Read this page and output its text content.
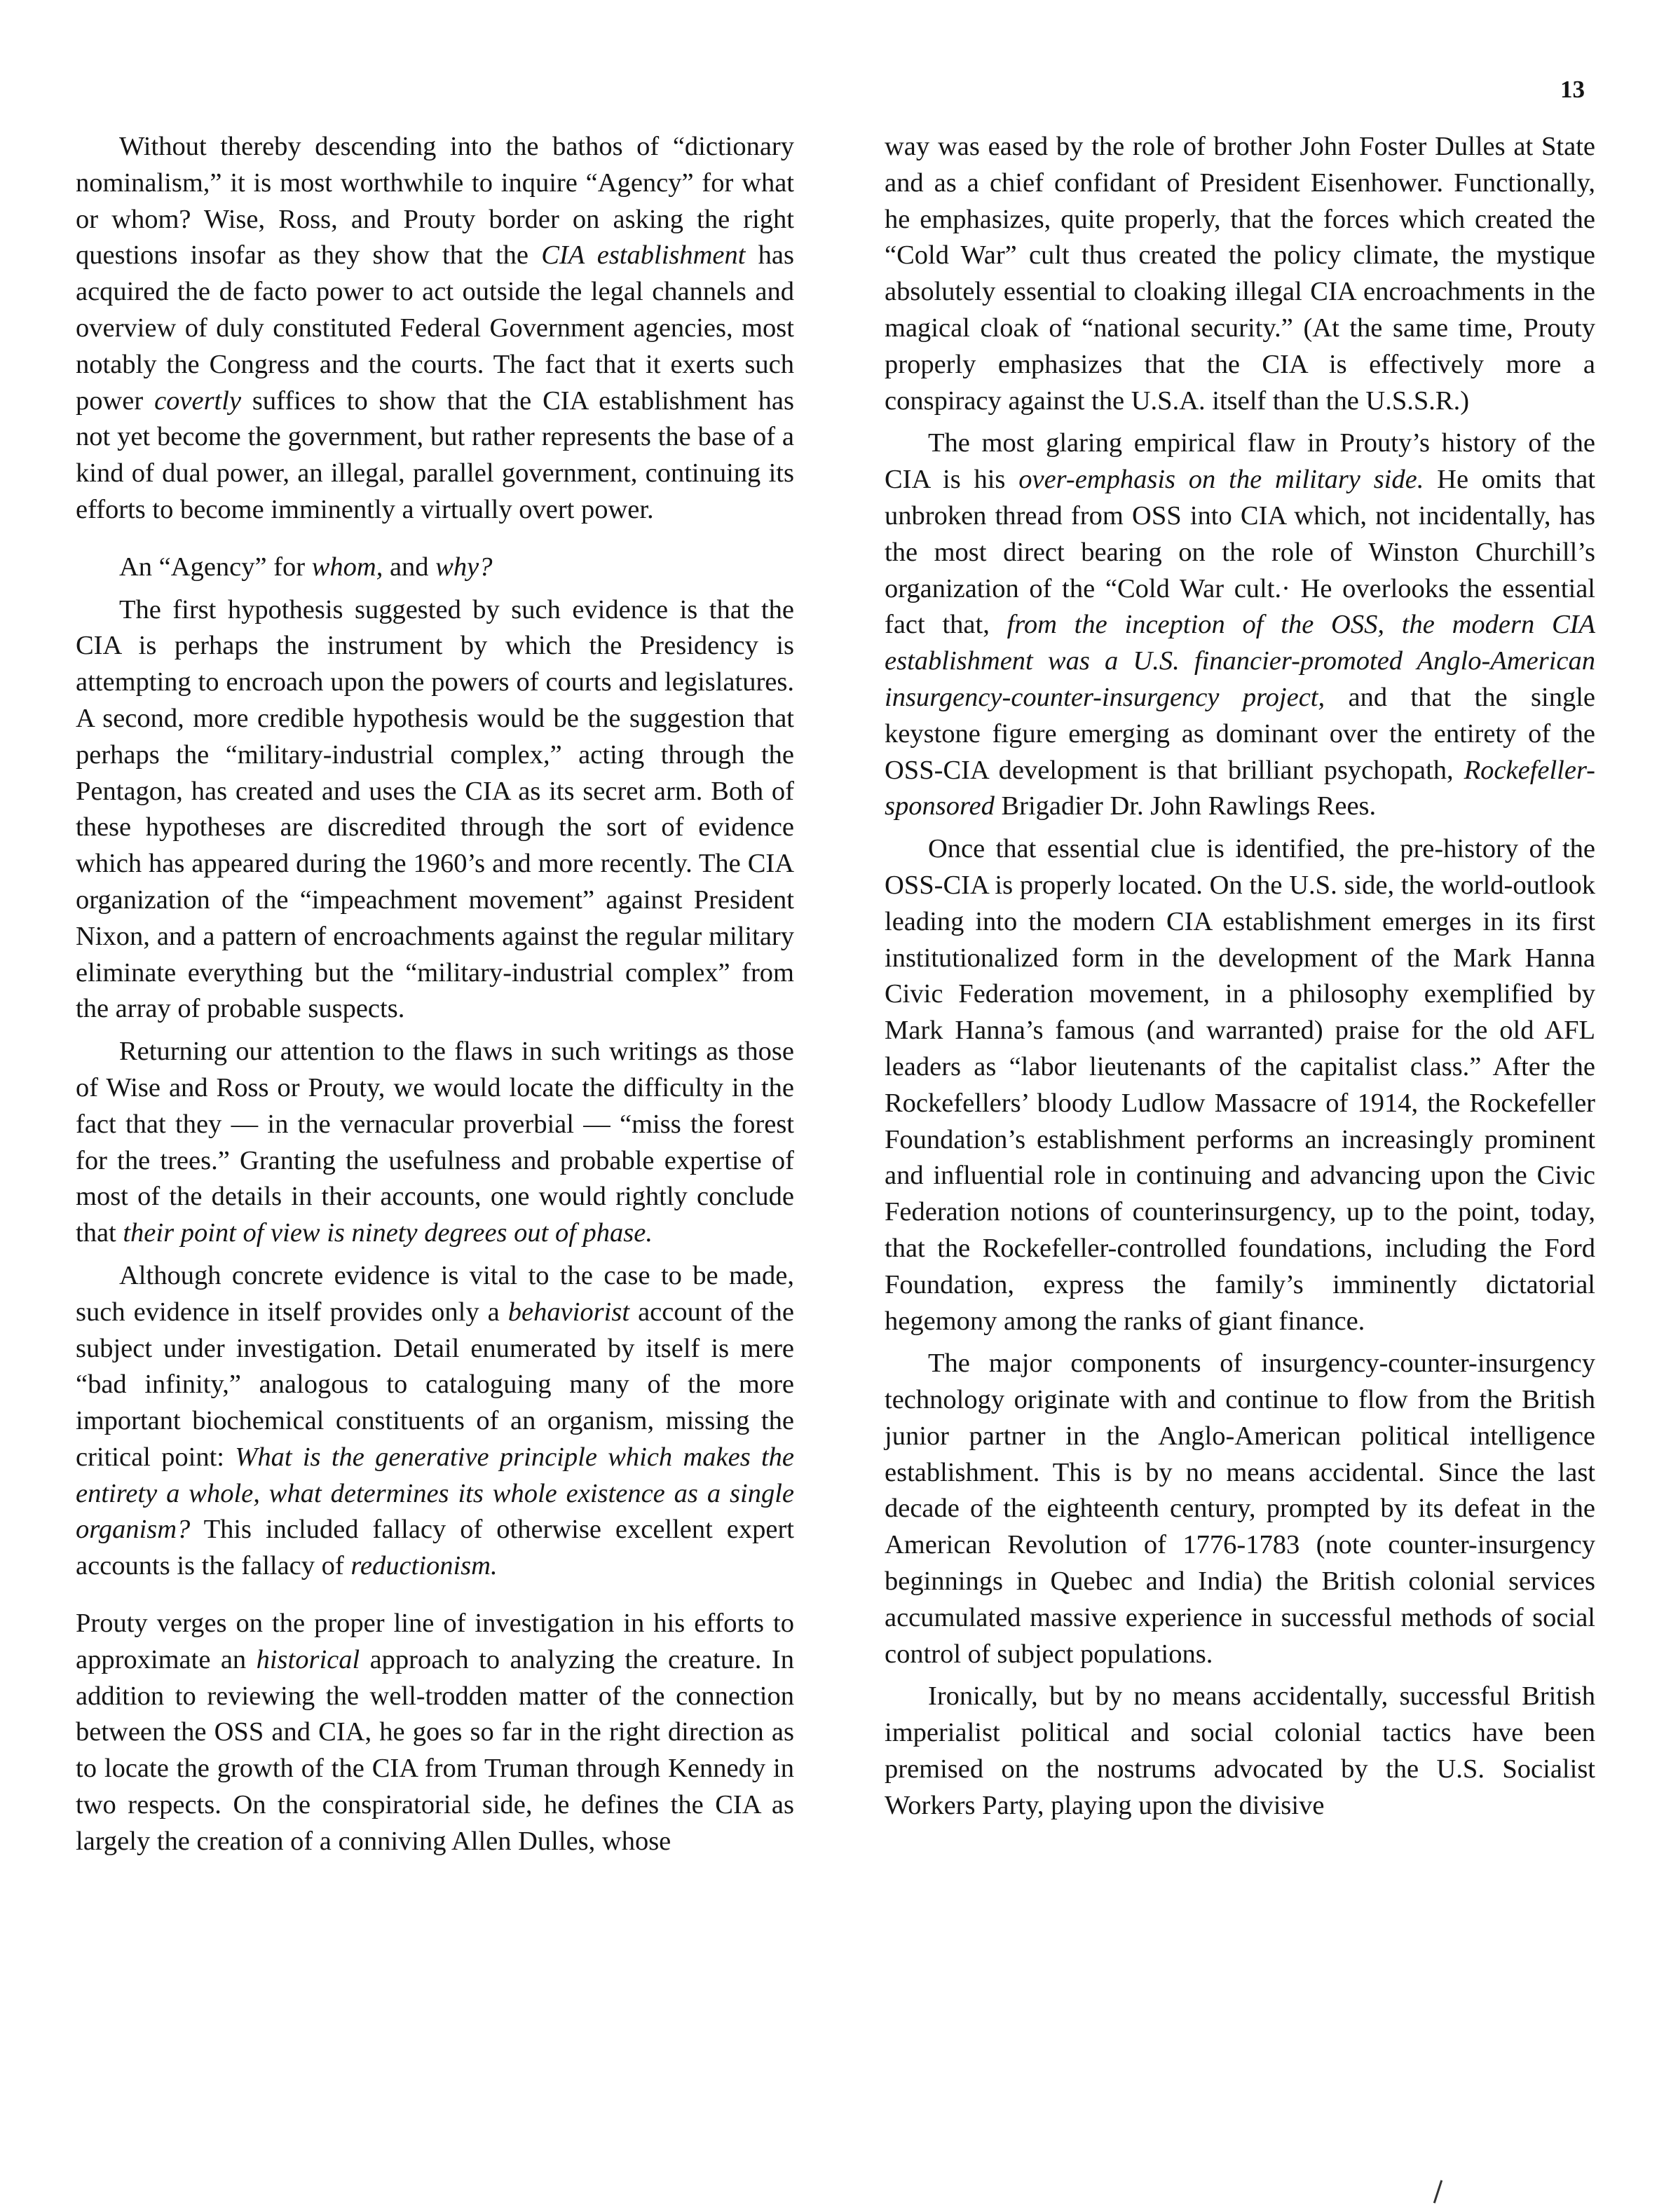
13

Without thereby descending into the bathos of “dictionary nominalism,” it is most worthwhile to inquire “Agency” for what or whom? Wise, Ross, and Prouty border on asking the right questions insofar as they show that the CIA establishment has acquired the de facto power to act outside the legal channels and overview of duly constituted Federal Government agencies, most notably the Congress and the courts. The fact that it exerts such power covertly suffices to show that the CIA establishment has not yet become the government, but rather represents the base of a kind of dual power, an illegal, parallel government, continuing its efforts to become imminently a virtually overt power.

An “Agency” for whom, and why?

The first hypothesis suggested by such evidence is that the CIA is perhaps the instrument by which the Presidency is attempting to encroach upon the powers of courts and legislatures. A second, more credible hypothesis would be the suggestion that perhaps the “military-industrial complex,” acting through the Pentagon, has created and uses the CIA as its secret arm. Both of these hypotheses are discredited through the sort of evidence which has appeared during the 1960’s and more recently. The CIA organization of the “impeachment movement” against President Nixon, and a pattern of encroachments against the regular military eliminate everything but the “military-industrial complex” from the array of probable suspects.

Returning our attention to the flaws in such writings as those of Wise and Ross or Prouty, we would locate the difficulty in the fact that they — in the vernacular proverbial — “miss the forest for the trees.” Granting the usefulness and probable expertise of most of the details in their accounts, one would rightly conclude that their point of view is ninety degrees out of phase.

Although concrete evidence is vital to the case to be made, such evidence in itself provides only a behaviorist account of the subject under investigation. Detail enumerated by itself is mere “bad infinity,” analogous to cataloguing many of the more important biochemical constituents of an organism, missing the critical point: What is the generative principle which makes the entirety a whole, what determines its whole existence as a single organism? This included fallacy of otherwise excellent expert accounts is the fallacy of reductionism.

Prouty verges on the proper line of investigation in his efforts to approximate an historical approach to analyzing the creature. In addition to reviewing the well-trodden matter of the connection between the OSS and CIA, he goes so far in the right direction as to locate the growth of the CIA from Truman through Kennedy in two respects. On the conspiratorial side, he defines the CIA as largely the creation of a conniving Allen Dulles, whose

way was eased by the role of brother John Foster Dulles at State and as a chief confidant of President Eisenhower. Functionally, he emphasizes, quite properly, that the forces which created the “Cold War” cult thus created the policy climate, the mystique absolutely essential to cloaking illegal CIA encroachments in the magical cloak of “national security.” (At the same time, Prouty properly emphasizes that the CIA is effectively more a conspiracy against the U.S.A. itself than the U.S.S.R.)

The most glaring empirical flaw in Prouty’s history of the CIA is his over-emphasis on the military side. He omits that unbroken thread from OSS into CIA which, not incidentally, has the most direct bearing on the role of Winston Churchill’s organization of the “Cold War cult.· He overlooks the essential fact that, from the inception of the OSS, the modern CIA establishment was a U.S. financier-promoted Anglo-American insurgency-counter-insurgency project, and that the single keystone figure emerging as dominant over the entirety of the OSS-CIA development is that brilliant psychopath, Rockefeller-sponsored Brigadier Dr. John Rawlings Rees.

Once that essential clue is identified, the pre-history of the OSS-CIA is properly located. On the U.S. side, the world-outlook leading into the modern CIA establishment emerges in its first institutionalized form in the development of the Mark Hanna Civic Federation movement, in a philosophy exemplified by Mark Hanna’s famous (and warranted) praise for the old AFL leaders as “labor lieutenants of the capitalist class.” After the Rockefellers’ bloody Ludlow Massacre of 1914, the Rockefeller Foundation’s establishment performs an increasingly prominent and influential role in continuing and advancing upon the Civic Federation notions of counterinsurgency, up to the point, today, that the Rockefeller-controlled foundations, including the Ford Foundation, express the family’s imminently dictatorial hegemony among the ranks of giant finance.

The major components of insurgency-counter-insurgency technology originate with and continue to flow from the British junior partner in the Anglo-American political intelligence establishment. This is by no means accidental. Since the last decade of the eighteenth century, prompted by its defeat in the American Revolution of 1776-1783 (note counter-insurgency beginnings in Quebec and India) the British colonial services accumulated massive experience in successful methods of social control of subject populations.

Ironically, but by no means accidentally, successful British imperialist political and social colonial tactics have been premised on the nostrums advocated by the U.S. Socialist Workers Party, playing upon the divisive
